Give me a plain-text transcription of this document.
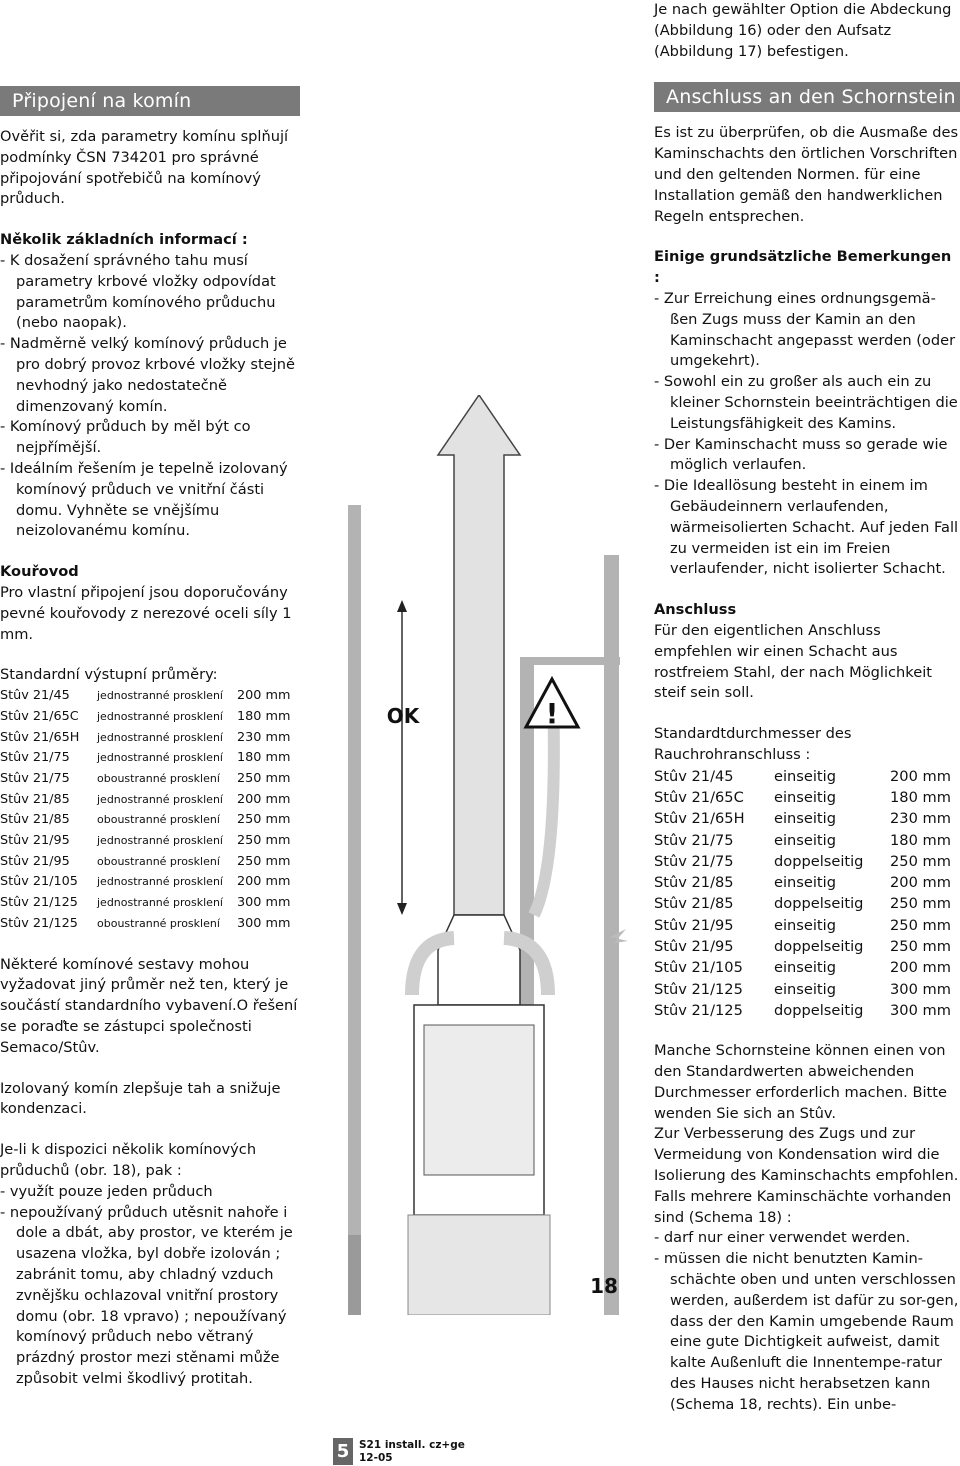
Připojení na komín

Ověřit si, zda parametry komínu splňují podmínky ČSN 734201 pro správné připojování spotřebičů na komínový průduch.

Několik základních informací :

- K dosažení správného tahu musí parametry krbové vložky odpovídat parametrům komínového průduchu (nebo naopak).

- Nadměrně velký komínový průduch je pro dobrý provoz krbové vložky stejně nevhodný jako nedostatečně dimenzovaný komín.

- Komínový průduch by měl být co nejpřímější.

- Ideálním řešením je tepelně izolovaný komínový průduch ve vnitřní části domu. Vyhněte se vnějšímu neizolovanému komínu.

Kouřovod

Pro vlastní připojení jsou doporučovány pevné kouřovody z nerezové oceli síly 1 mm.

Standardní výstupní průměry:

Stûv 21/45	jednostranné prosklení	200 mm
Stûv 21/65C	jednostranné prosklení	180 mm
Stûv 21/65H	jednostranné prosklení	230 mm
Stûv 21/75	jednostranné prosklení	180 mm
Stûv 21/75	oboustranné prosklení	250 mm
Stûv 21/85	jednostranné prosklení	200 mm
Stûv 21/85	oboustranné prosklení	250 mm
Stûv 21/95	jednostranné prosklení	250 mm
Stûv 21/95	oboustranné prosklení	250 mm
Stûv 21/105	jednostranné prosklení	200 mm
Stûv 21/125	jednostranné prosklení	300 mm
Stûv 21/125	oboustranné prosklení	300 mm

Některé komínové sestavy mohou vyžadovat jiný průměr než ten, který je součástí standardního vybavení.O řešení se poraďte se zástupci společnosti Semaco/Stûv.

Izolovaný komín zlepšuje tah a snižuje kondenzaci.

Je-li k dispozici několik komínových průduchů (obr. 18), pak :

- využít pouze jeden průduch

- nepoužívaný průduch utěsnit nahoře i dole a dbát, aby prostor, ve kterém je usazena vložka, byl dobře izolován ; zabránit tomu, aby chladný vzduch zvnějšku ochlazoval vnitřní prostory domu (obr. 18 vpravo) ; nepoužívaný komínový průduch nebo větraný prázdný prostor mezi stěnami může způsobit velmi škodlivý protitah.

Je nach gewählter Option die Abdeckung (Abbildung 16) oder den Aufsatz (Abbildung 17) befestigen.

Anschluss an den Schornstein

Es ist zu überprüfen, ob die Ausmaße des Kaminschachts den örtlichen Vorschriften und den geltenden Normen. für eine Installation gemäß den handwerklichen Regeln entsprechen.

Einige grundsätzliche Bemerkungen :

- Zur Erreichung eines ordnungsgemä-ßen Zugs muss der Kamin an den Kaminschacht angepasst werden (oder umgekehrt).

- Sowohl ein zu großer als auch ein zu kleiner Schornstein beeinträchtigen die Leistungsfähigkeit des Kamins.

- Der Kaminschacht muss so gerade wie möglich verlaufen.

- Die Ideallösung besteht in einem im Gebäudeinnern verlaufenden, wärmeisolierten Schacht. Auf jeden Fall zu vermeiden ist ein im Freien verlaufender, nicht isolierter Schacht.

Anschluss

Für den eigentlichen Anschluss empfehlen wir einen Schacht aus rostfreiem Stahl, der nach Möglichkeit steif sein soll.

Standardtdurchmesser des Rauchrohranschluss :

Stûv 21/45	einseitig	200 mm
Stûv 21/65C	einseitig	180 mm
Stûv 21/65H	einseitig	230 mm
Stûv 21/75	einseitig	180 mm
Stûv 21/75	doppelseitig	250 mm
Stûv 21/85	einseitig	200 mm
Stûv 21/85	doppelseitig	250 mm
Stûv 21/95	einseitig	250 mm
Stûv 21/95	doppelseitig	250 mm
Stûv 21/105	einseitig	200 mm
Stûv 21/125	einseitig	300 mm
Stûv 21/125	doppelseitig	300 mm

Manche Schornsteine können einen von den Standardwerten abweichenden Durchmesser erforderlich machen. Bitte wenden Sie sich an Stûv.

Zur Verbesserung des Zugs und zur Vermeidung von Kondensation wird die Isolierung des Kaminschachts empfohlen. Falls mehrere Kaminschächte vorhanden sind (Schema 18) :

- darf nur einer verwendet werden.

- müssen die nicht benutzten Kamin-schächte oben und unten verschlossen werden, außerdem ist dafür zu sor-gen, dass der den Kamin umgebende Raum eine gute Dichtigkeit aufweist, damit kalte Außenluft die Innentempe-ratur des Hauses nicht herabsetzen kann (Schema 18, rechts). Ein unbe-

!
OK
18
5 S21 install. cz+ge
12-05
